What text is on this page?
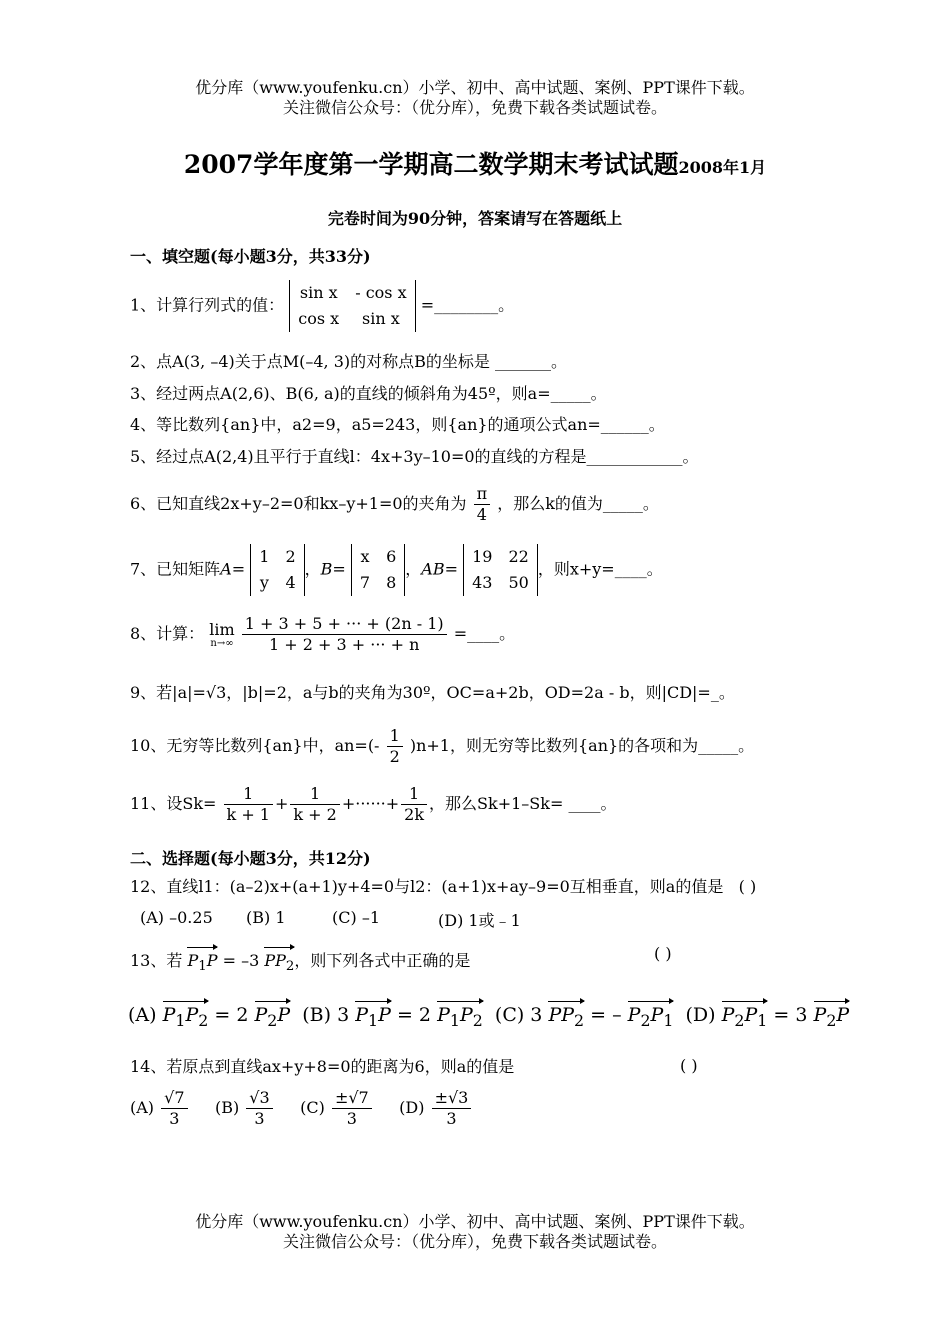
优分库（www.youfenku.cn）小学、初中、高中试题、案例、PPT课件下载。
关注微信公众号：（优分库），免费下载各类试题试卷。
2007学年度第一学期高二数学期末考试试题2008年1月
完卷时间为90分钟，答案请写在答题纸上
一、填空题(每小题3分，共33分)
1、计算行列式的值：
sin x	- cos x
cos x	sin x
=________。
2、点A(3, –4)关于点M(–4, 3)的对称点B的坐标是 _______。
3、经过两点A(2,6)、B(6, a)的直线的倾斜角为45º，则a=_____。
4、等比数列{an}中，a2=9，a5=243，则{an}的通项公式an=______。
5、经过点A(2,4)且平行于直线l：4x+3y–10=0的直线的方程是____________。
6、已知直线2x+y–2=0和kx–y+1=0的夹角为 $\frac{\pi}{4}$ ，那么k的值为_____。
7、已知矩阵A=
1	2
y	4
，B=
x	6
7	8
，AB=
19	22
43	50
，则x+y=____。
8、计算： lim
n→∞
$\frac{1 + 3 + 5 + \cdot\cdot\cdot + (2n - 1)}{1 + 2 + 3 + \cdot\cdot\cdot + n}$ =____。
9、若|a|=√3，|b|=2，a与b的夹角为30º，OC=a+2b，OD=2a - b，则|CD|=_。
10、无穷等比数列{an}中，$an=(- \frac{1}{2} )n+1$，则无穷等比数列{an}的各项和为_____。
11、设$Sk= \frac{1}{k + 1} + \frac{1}{k + 2}$ +······+ $\frac{1}{2k}$ ，那么Sk+1–Sk= ____。
二、选择题(每小题3分，共12分)
12、直线l1：(a–2)x+(a+1)y+4=0与l2：(a+1)x+ay–9=0互相垂直，则a的值是 ( )
(A) –0.25 (B) 1	(C) –1	(D) 1或﹣1
13、若 $P_1P = -3$ $PP_2$，则下列各式中正确的是	( )
(A) $P_1P_2 = 2$ $P_2P$ (B) 3 $P_1P = 2$ $P_1P_2$ (C) 3 $PP_2$ = – $P_2P_1$ (D) $P_2P_1 = 3$ $P_2P$
14、若原点到直线ax+y+8=0的距离为6，则a的值是	( )
$(A) \frac{√7}{3} (B) \frac{√3}{3} (C) \frac{\pm√7}{3} (D) \frac{\pm√3}{3}$
优分库（www.youfenku.cn）小学、初中、高中试题、案例、PPT课件下载。
关注微信公众号：（优分库），免费下载各类试题试卷。
